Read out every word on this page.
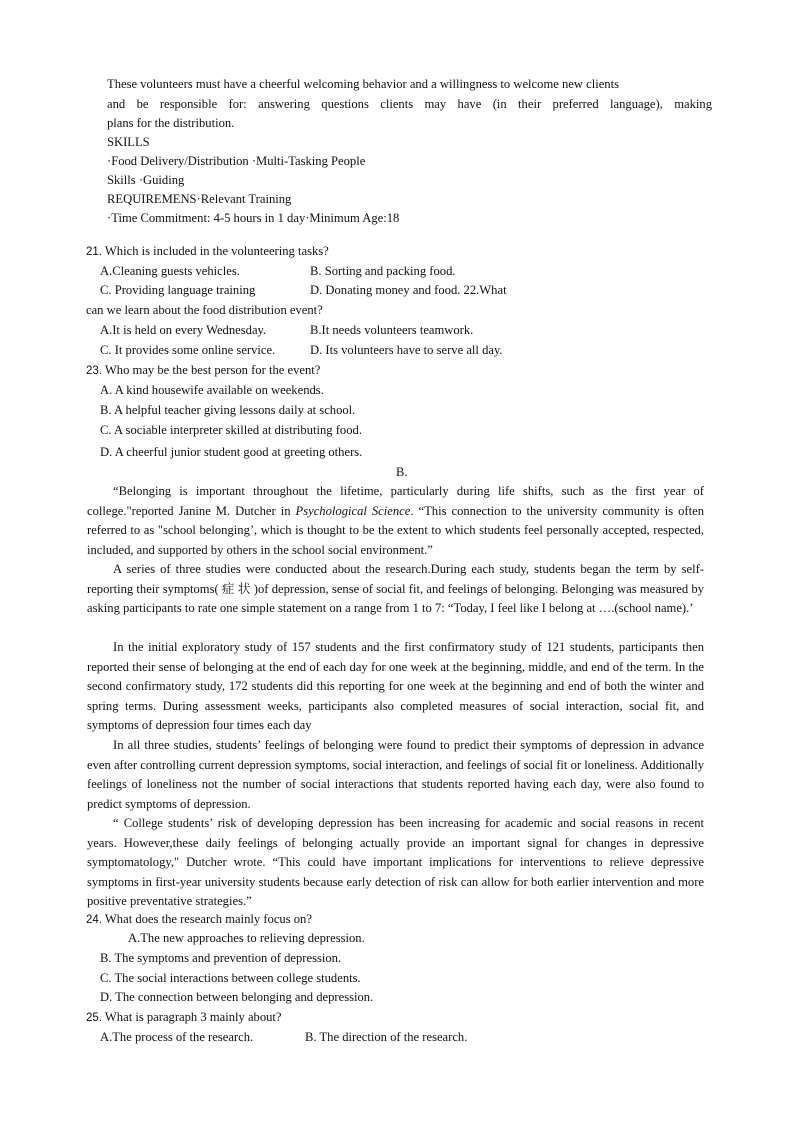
These volunteers must have a cheerful welcoming behavior and a willingness to welcome new clients
and be responsible for: answering questions clients may have (in their preferred language), making
plans for the distribution.
SKILLS
·Food Delivery/Distribution ·Multi-Tasking People
Skills ·Guiding
REQUIREMENS·Relevant Training
·Time Commitment: 4-5 hours in 1 day·Minimum Age:18
21. Which is included in the volunteering tasks?
A.Cleaning guests vehicles.	B. Sorting and packing food.
C. Providing language training	D. Donating money and food. 22.What
can we learn about the food distribution event?
A.It is held on every Wednesday.	B.It needs volunteers teamwork.
C. It provides some online service.	D. Its volunteers have to serve all day.
23. Who may be the best person for the event?
A. A kind housewife available on weekends.
B. A helpful teacher giving lessons daily at school.
C. A sociable interpreter skilled at distributing food.
D. A cheerful junior student good at greeting others.
B.
“Belonging is important throughout the lifetime, particularly during life shifts, such as the first year of college."reported Janine M. Dutcher in Psychological Science. “This connection to the university community is often referred to as "school belonging’, which is thought to be the extent to which students feel personally accepted, respected, included, and supported by others in the school social environment.”
A series of three studies were conducted about the research.During each study, students began the term by self-reporting their symptoms( 症 状 )of depression, sense of social fit, and feelings of belonging. Belonging was measured by asking participants to rate one simple statement on a range from 1 to 7: “Today, I feel like I belong at ….(school name).’
In the initial exploratory study of 157 students and the first confirmatory study of 121 students, participants then reported their sense of belonging at the end of each day for one week at the beginning, middle, and end of the term. In the second confirmatory study, 172 students did this reporting for one week at the beginning and end of both the winter and spring terms. During assessment weeks, participants also completed measures of social interaction, social fit, and symptoms of depression four times each day
In all three studies, students’ feelings of belonging were found to predict their symptoms of depression in advance even after controlling current depression symptoms, social interaction, and feelings of social fit or loneliness. Additionally feelings of loneliness not the number of social interactions that students reported having each day, were also found to predict symptoms of depression.
“ College students’ risk of developing depression has been increasing for academic and social reasons in recent years. However,these daily feelings of belonging actually provide an important signal for changes in depressive symptomatology," Dutcher wrote. “This could have important implications for interventions to relieve depressive symptoms in first-year university students because early detection of risk can allow for both earlier intervention and more positive preventative strategies.”
24. What does the research mainly focus on?
A.The new approaches to relieving depression.
B. The symptoms and prevention of depression.
C. The social interactions between college students.
D. The connection between belonging and depression.
25. What is paragraph 3 mainly about?
A.The process of the research.	B. The direction of the research.
